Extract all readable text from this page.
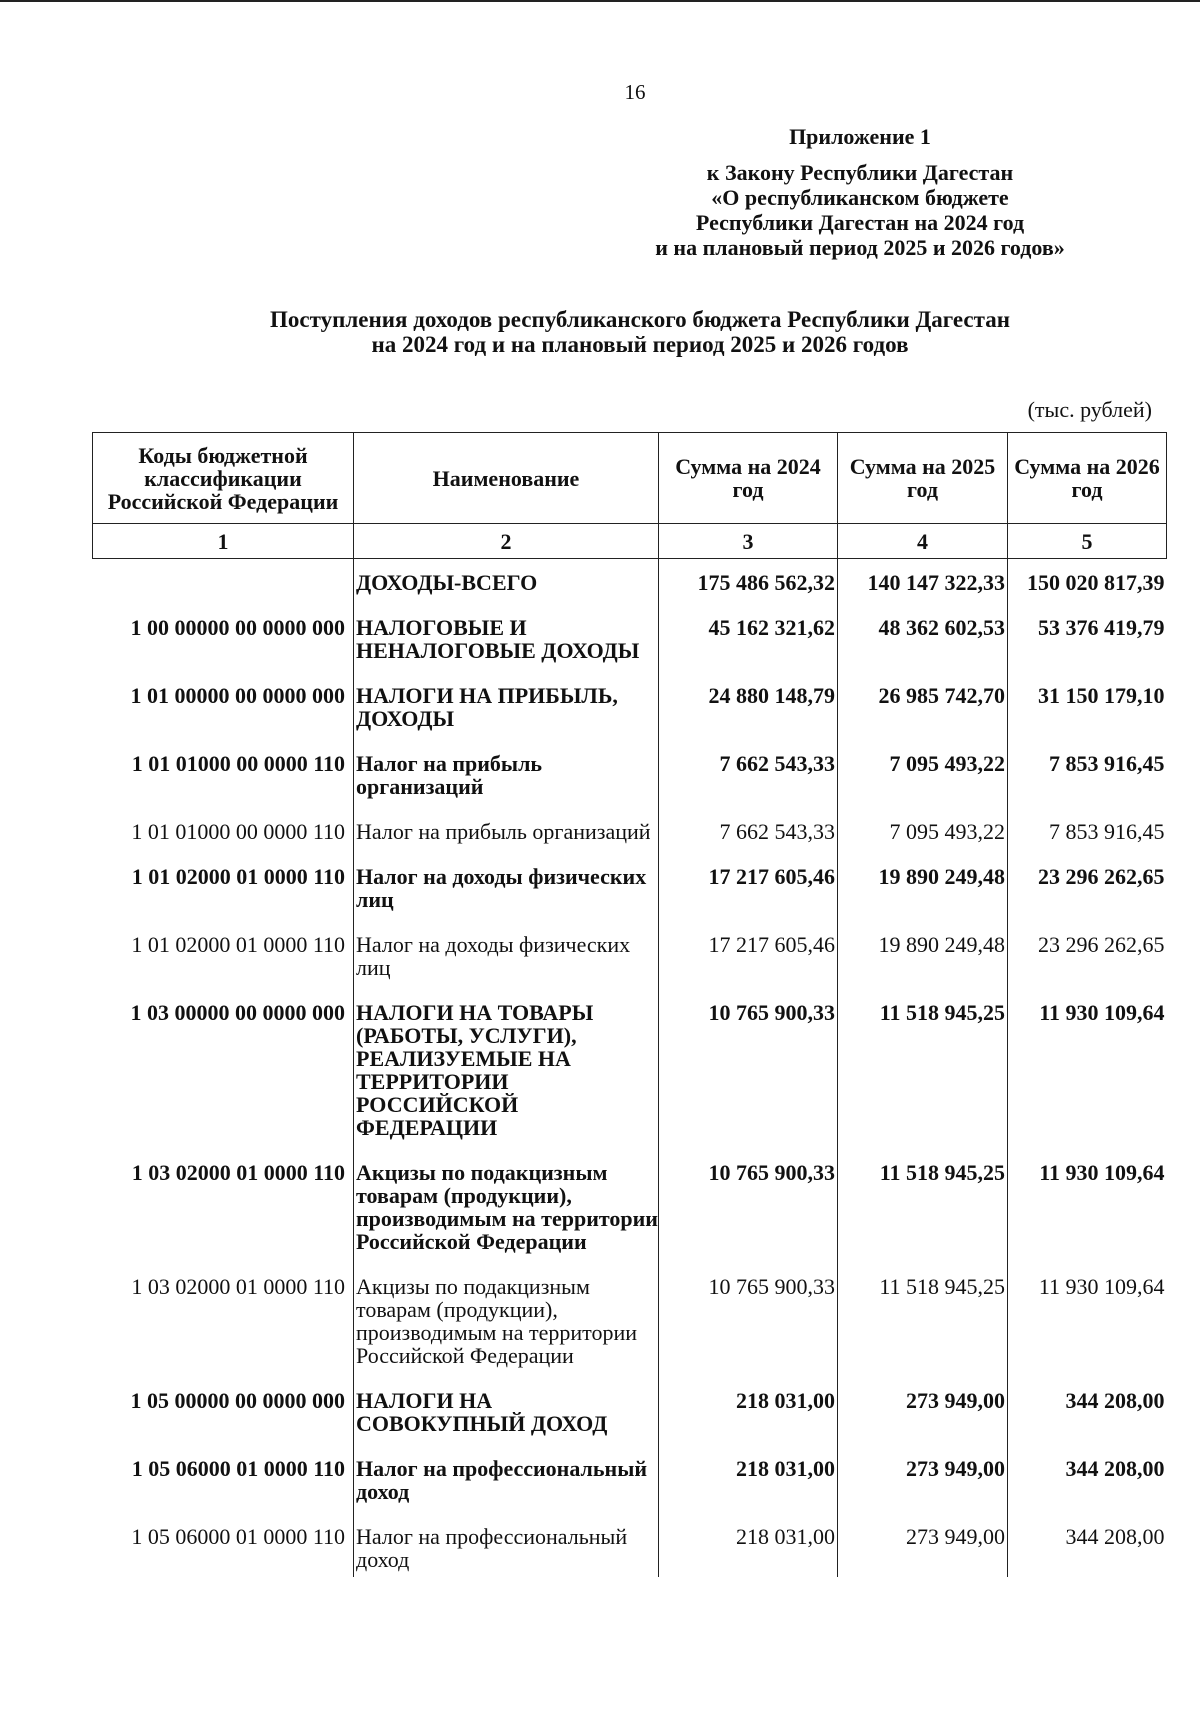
16
Приложение 1
к Закону Республики Дагестан
«О республиканском бюджете
Республики Дагестан на 2024 год
и на плановый период 2025 и 2026 годов»
Поступления доходов республиканского бюджета Республики Дагестан
на 2024 год и на плановый период 2025 и 2026 годов
(тыс. рублей)
Коды бюджетной классификации Российской Федерации	Наименование	Сумма на 2024 год	Сумма на 2025 год	Сумма на 2026 год
1	2	3	4	5
	ДОХОДЫ-ВСЕГО	175 486 562,32	140 147 322,33	150 020 817,39
1 00 00000 00 0000 000	НАЛОГОВЫЕ И НЕНАЛОГОВЫЕ ДОХОДЫ	45 162 321,62	48 362 602,53	53 376 419,79
1 01 00000 00 0000 000	НАЛОГИ НА ПРИБЫЛЬ, ДОХОДЫ	24 880 148,79	26 985 742,70	31 150 179,10
1 01 01000 00 0000 110	Налог на прибыль организаций	7 662 543,33	7 095 493,22	7 853 916,45
1 01 01000 00 0000 110	Налог на прибыль организаций	7 662 543,33	7 095 493,22	7 853 916,45
1 01 02000 01 0000 110	Налог на доходы физических лиц	17 217 605,46	19 890 249,48	23 296 262,65
1 01 02000 01 0000 110	Налог на доходы физических лиц	17 217 605,46	19 890 249,48	23 296 262,65
1 03 00000 00 0000 000	НАЛОГИ НА ТОВАРЫ (РАБОТЫ, УСЛУГИ), РЕАЛИЗУЕМЫЕ НА ТЕРРИТОРИИ РОССИЙСКОЙ ФЕДЕРАЦИИ	10 765 900,33	11 518 945,25	11 930 109,64
1 03 02000 01 0000 110	Акцизы по подакцизным товарам (продукции), производимым на территории Российской Федерации	10 765 900,33	11 518 945,25	11 930 109,64
1 03 02000 01 0000 110	Акцизы по подакцизным товарам (продукции), производимым на территории Российской Федерации	10 765 900,33	11 518 945,25	11 930 109,64
1 05 00000 00 0000 000	НАЛОГИ НА СОВОКУПНЫЙ ДОХОД	218 031,00	273 949,00	344 208,00
1 05 06000 01 0000 110	Налог на профессиональный доход	218 031,00	273 949,00	344 208,00
1 05 06000 01 0000 110	Налог на профессиональный доход	218 031,00	273 949,00	344 208,00
